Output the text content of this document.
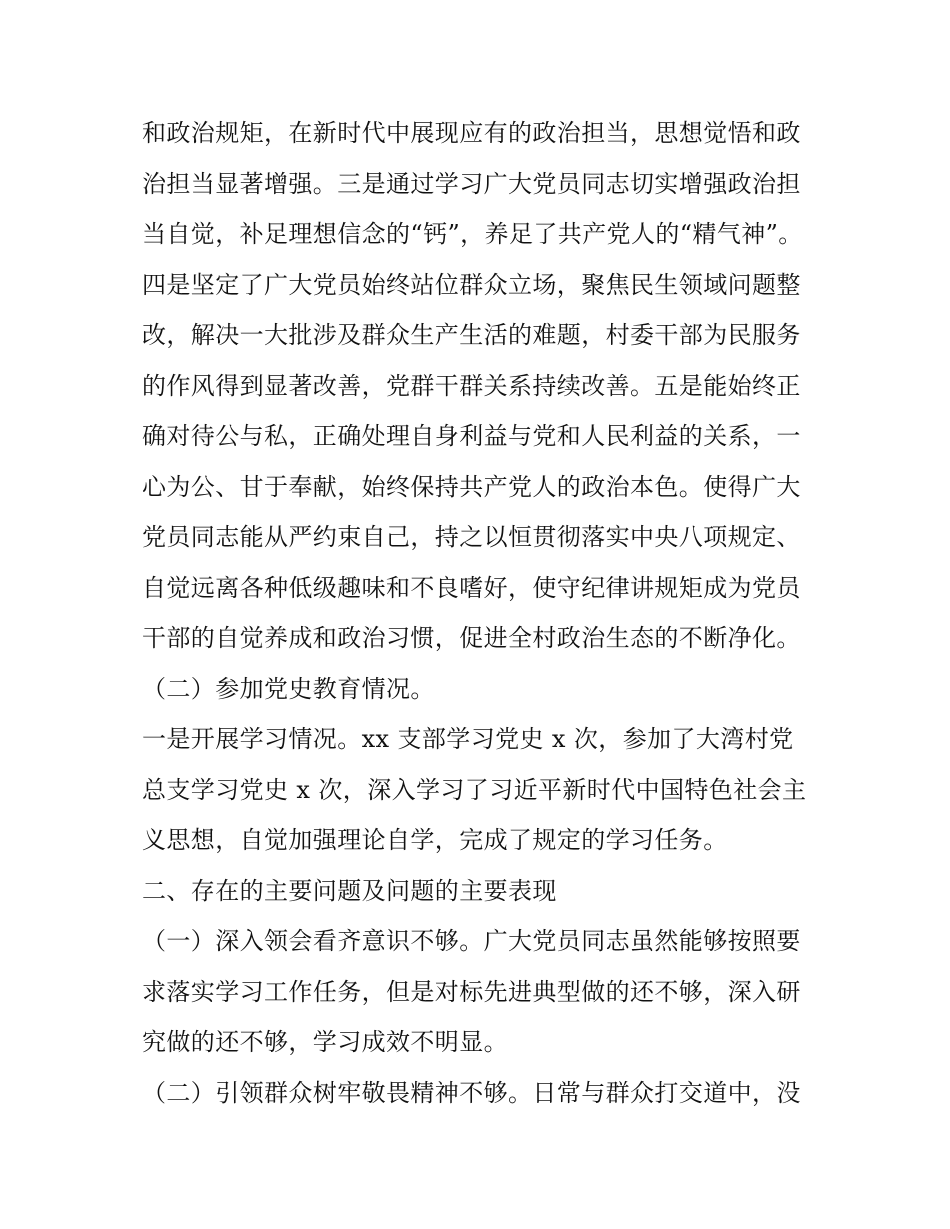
和政治规矩，在新时代中展现应有的政治担当，思想觉悟和政
治担当显著增强。三是通过学习广大党员同志切实增强政治担
当自觉，补足理想信念的“钙”，养足了共产党人的“精气神”。
四是坚定了广大党员始终站位群众立场，聚焦民生领域问题整
改，解决一大批涉及群众生产生活的难题，村委干部为民服务
的作风得到显著改善，党群干群关系持续改善。五是能始终正
确对待公与私，正确处理自身利益与党和人民利益的关系，一
心为公、甘于奉献，始终保持共产党人的政治本色。使得广大
党员同志能从严约束自己，持之以恒贯彻落实中央八项规定、
自觉远离各种低级趣味和不良嗜好，使守纪律讲规矩成为党员
干部的自觉养成和政治习惯，促进全村政治生态的不断净化。
（二）参加党史教育情况。
一是开展学习情况。xx 支部学习党史 x 次，参加了大湾村党
总支学习党史 x 次，深入学习了习近平新时代中国特色社会主
义思想，自觉加强理论自学，完成了规定的学习任务。
二、存在的主要问题及问题的主要表现
（一）深入领会看齐意识不够。广大党员同志虽然能够按照要
求落实学习工作任务，但是对标先进典型做的还不够，深入研
究做的还不够，学习成效不明显。
（二）引领群众树牢敬畏精神不够。日常与群众打交道中，没
